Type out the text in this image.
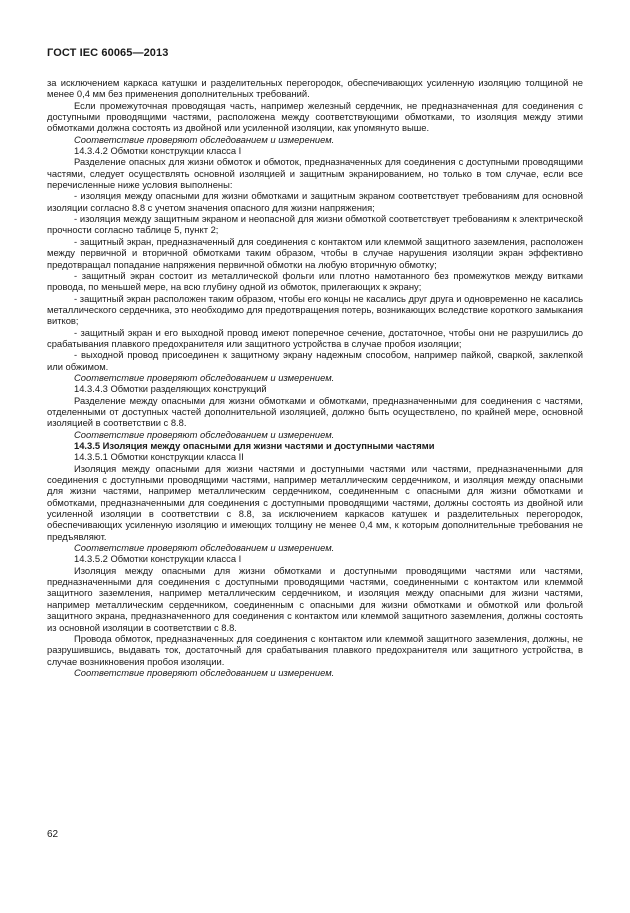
ГОСТ IEC 60065—2013

за исключением каркаса катушки и разделительных перегородок, обеспечивающих усиленную изоляцию толщиной не менее 0,4 мм без применения дополнительных требований.

Если промежуточная проводящая часть, например железный сердечник, не предназначенная для соединения с доступными проводящими частями, расположена между соответствующими обмотками, то изоляция между этими обмотками должна состоять из двойной или усиленной изоляции, как упомянуто выше.

Соответствие проверяют обследованием и измерением.

14.3.4.2 Обмотки конструкции класса I

Разделение опасных для жизни обмоток и обмоток, предназначенных для соединения с доступными проводящими частями, следует осуществлять основной изоляцией и защитным экранированием, но только в том случае, если все перечисленные ниже условия выполнены:

- изоляция между опасными для жизни обмотками и защитным экраном соответствует требованиям для основной изоляции согласно 8.8 с учетом значения опасного для жизни напряжения;

- изоляция между защитным экраном и неопасной для жизни обмоткой соответствует требованиям к электрической прочности согласно таблице 5, пункт 2;

- защитный экран, предназначенный для соединения с контактом или клеммой защитного заземления, расположен между первичной и вторичной обмотками таким образом, чтобы в случае нарушения изоляции экран эффективно предотвращал попадание напряжения первичной обмотки на любую вторичную обмотку;

- защитный экран состоит из металлической фольги или плотно намотанного без промежутков между витками провода, по меньшей мере, на всю глубину одной из обмоток, прилегающих к экрану;

- защитный экран расположен таким образом, чтобы его концы не касались друг друга и одновременно не касались металлического сердечника, это необходимо для предотвращения потерь, возникающих вследствие короткого замыкания витков;

- защитный экран и его выходной провод имеют поперечное сечение, достаточное, чтобы они не разрушились до срабатывания плавкого предохранителя или защитного устройства в случае пробоя изоляции;

- выходной провод присоединен к защитному экрану надежным способом, например пайкой, сваркой, заклепкой или обжимом.

Соответствие проверяют обследованием и измерением.

14.3.4.3 Обмотки разделяющих конструкций

Разделение между опасными для жизни обмотками и обмотками, предназначенными для соединения с частями, отделенными от доступных частей дополнительной изоляцией, должно быть осуществлено, по крайней мере, основной изоляцией в соответствии с 8.8.

Соответствие проверяют обследованием и измерением.

14.3.5 Изоляция между опасными для жизни частями и доступными частями

14.3.5.1 Обмотки конструкции класса II

Изоляция между опасными для жизни частями и доступными частями или частями, предназначенными для соединения с доступными проводящими частями, например металлическим сердечником, и изоляция между опасными для жизни частями, например металлическим сердечником, соединенным с опасными для жизни обмотками и обмотками, предназначенными для соединения с доступными проводящими частями, должны состоять из двойной или усиленной изоляции в соответствии с 8.8, за исключением каркасов катушек и разделительных перегородок, обеспечивающих усиленную изоляцию и имеющих толщину не менее 0,4 мм, к которым дополнительные требования не предъявляют.

Соответствие проверяют обследованием и измерением.

14.3.5.2 Обмотки конструкции класса I

Изоляция между опасными для жизни обмотками и доступными проводящими частями или частями, предназначенными для соединения с доступными проводящими частями, соединенными с контактом или клеммой защитного заземления, например металлическим сердечником, и изоляция между опасными для жизни частями, например металлическим сердечником, соединенным с опасными для жизни обмотками и обмоткой или фольгой защитного экрана, предназначенного для соединения с контактом или клеммой защитного заземления, должны состоять из основной изоляции в соответствии с 8.8.

Провода обмоток, предназначенных для соединения с контактом или клеммой защитного заземления, должны, не разрушившись, выдавать ток, достаточный для срабатывания плавкого предохранителя или защитного устройства, в случае возникновения пробоя изоляции.

Соответствие проверяют обследованием и измерением.

62
